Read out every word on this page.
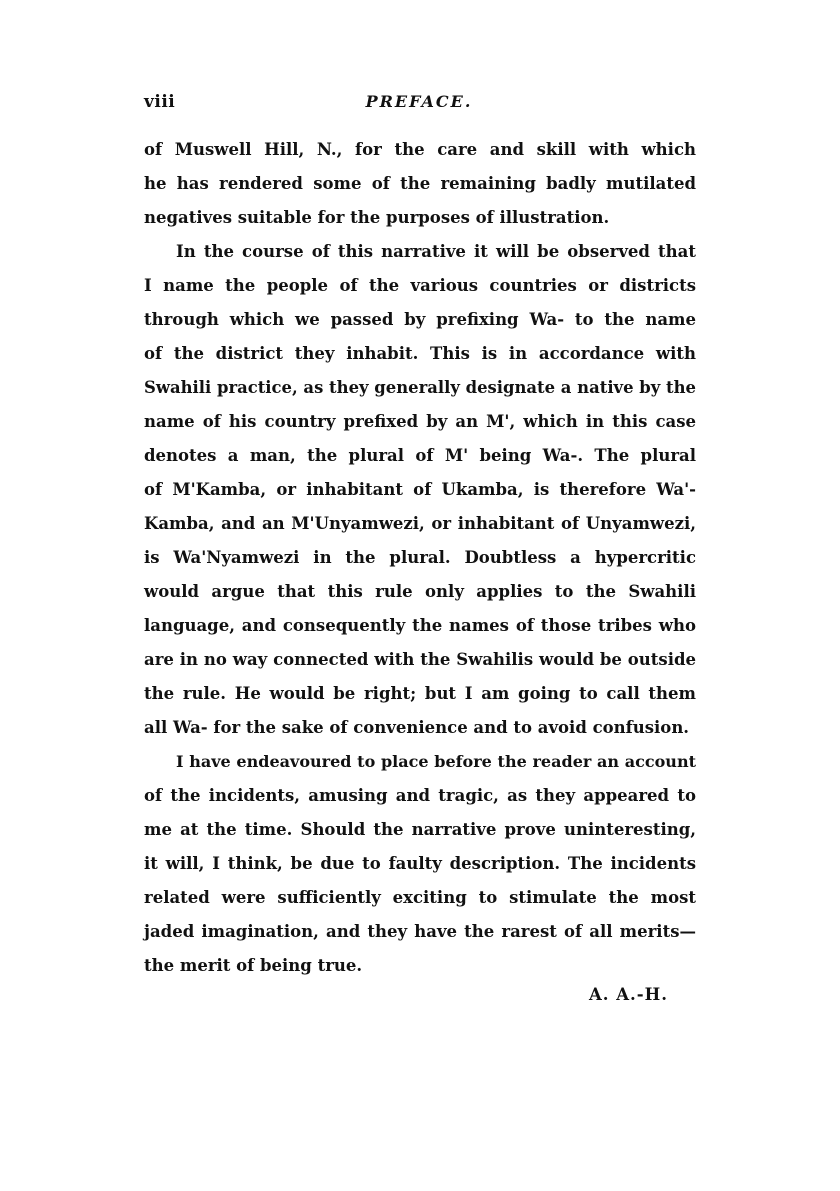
viii	PREFACE.
of Muswell Hill, N., for the care and skill with which
he has rendered some of the remaining badly mutilated
negatives suitable for the purposes of illustration.
In the course of this narrative it will be observed that
I name the people of the various countries or districts
through which we passed by prefixing Wa- to the name
of the district they inhabit. This is in accordance with
Swahili practice, as they generally designate a native by the
name of his country prefixed by an M', which in this case
denotes a man, the plural of M' being Wa-. The plural
of M'Kamba, or inhabitant of Ukamba, is therefore Wa'-
Kamba, and an M'Unyamwezi, or inhabitant of Unyamwezi,
is Wa'Nyamwezi in the plural. Doubtless a hypercritic
would argue that this rule only applies to the Swahili
language, and consequently the names of those tribes who
are in no way connected with the Swahilis would be outside
the rule. He would be right; but I am going to call them
all Wa- for the sake of convenience and to avoid confusion.
I have endeavoured to place before the reader an account
of the incidents, amusing and tragic, as they appeared to
me at the time. Should the narrative prove uninteresting,
it will, I think, be due to faulty description. The incidents
related were sufficiently exciting to stimulate the most
jaded imagination, and they have the rarest of all merits—
the merit of being true.
A. A.-H.
